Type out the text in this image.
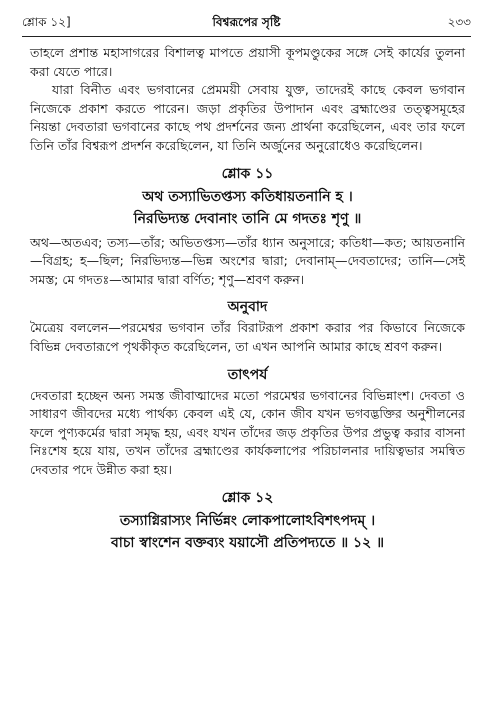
শ্লোক ১২]	বিশ্বরূপের সৃষ্টি	২৩৩

তাহলে প্রশান্ত মহাসাগরের বিশালত্ব মাপতে প্রয়াসী কূপমণ্ডুকের সঙ্গে সেই কার্যের তুলনা করা যেতে পারে।

যারা বিনীত এবং ভগবানের প্রেমময়ী সেবায় যুক্ত, তাদেরই কাছে কেবল ভগবান নিজেকে প্রকাশ করতে পারেন। জড়া প্রকৃতির উপাদান এবং ব্রহ্মাণ্ডের তত্ত্বসমূহের নিয়ন্তা দেবতারা ভগবানের কাছে পথ প্রদর্শনের জন্য প্রার্থনা করেছিলেন, এবং তার ফলে তিনি তাঁর বিশ্বরূপ প্রদর্শন করেছিলেন, যা তিনি অর্জুনের অনুরোধেও করেছিলেন।

শ্লোক ১১
অথ তস্যাভিতপ্তস্য কতিধায়তনানি হ ।
নিরভিদ্যন্ত দেবানাং তানি মে গদতঃ শৃণু ॥

অথ—অতএব; তস্য—তাঁর; অভিতপ্তস্য—তাঁর ধ্যান অনুসারে; কতিধা—কত; আয়তনানি—বিগ্রহ; হ—ছিল; নিরভিদ্যন্ত—ভিন্ন অংশের দ্বারা; দেবানাম্—দেবতাদের; তানি—সেই সমস্ত; মে গদতঃ—আমার দ্বারা বর্ণিত; শৃণু—শ্রবণ করুন।

অনুবাদ

মৈত্রেয় বললেন—পরমেশ্বর ভগবান তাঁর বিরাটরূপ প্রকাশ করার পর কিভাবে নিজেকে বিভিন্ন দেবতারূপে পৃথকীকৃত করেছিলেন, তা এখন আপনি আমার কাছে শ্রবণ করুন।

তাৎপর্য

দেবতারা হচ্ছেন অন্য সমস্ত জীবাত্মাদের মতো পরমেশ্বর ভগবানের বিভিন্নাংশ। দেবতা ও সাধারণ জীবদের মধ্যে পার্থক্য কেবল এই যে, কোন জীব যখন ভগবদ্ভক্তির অনুশীলনের ফলে পুণ্যকর্মের দ্বারা সমৃদ্ধ হয়, এবং যখন তাঁদের জড় প্রকৃতির উপর প্রভুত্ব করার বাসনা নিঃশেষ হয়ে যায়, তখন তাঁদের ব্রহ্মাণ্ডের কার্যকলাপের পরিচালনার দায়িত্বভার সমন্বিত দেবতার পদে উন্নীত করা হয়।

শ্লোক ১২
তস্যাগ্নিরাস্যং নির্ভিন্নং লোকপালোঽবিশৎপদম্ ।
বাচা স্বাংশেন বক্তব্যং যয়াসৌ প্রতিপদ্যতে ॥ ১২ ॥
